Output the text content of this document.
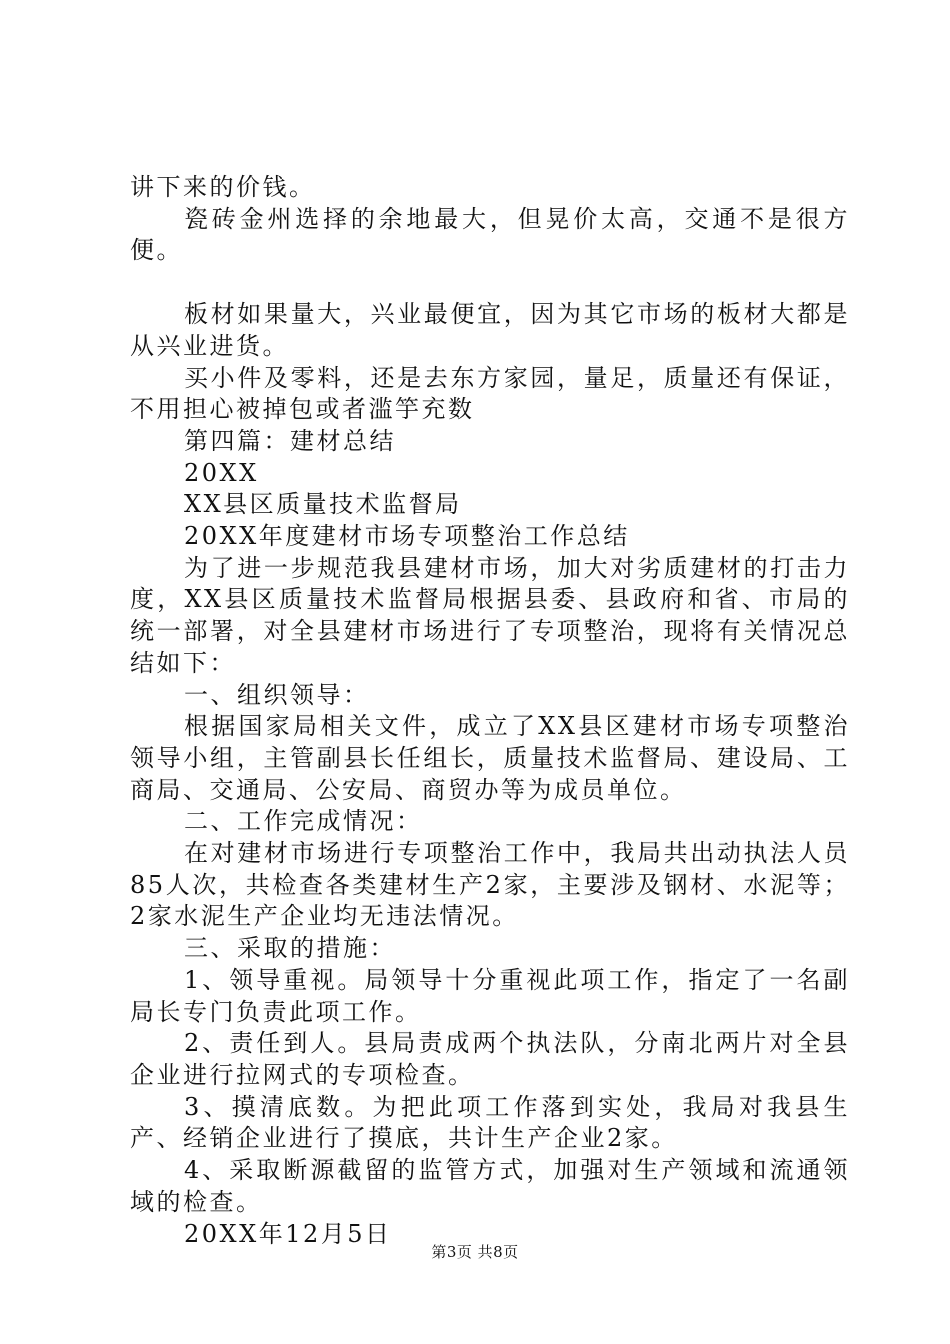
讲下来的价钱。

瓷砖金州选择的余地最大，但晃价太高，交通不是很方便。

板材如果量大，兴业最便宜，因为其它市场的板材大都是从兴业进货。

买小件及零料，还是去东方家园，量足，质量还有保证，不用担心被掉包或者滥竽充数

第四篇：建材总结

20XX

XX县区质量技术监督局

20XX年度建材市场专项整治工作总结

为了进一步规范我县建材市场，加大对劣质建材的打击力度，XX县区质量技术监督局根据县委、县政府和省、市局的统一部署，对全县建材市场进行了专项整治，现将有关情况总结如下：

一、组织领导：

根据国家局相关文件，成立了XX县区建材市场专项整治领导小组，主管副县长任组长，质量技术监督局、建设局、工商局、交通局、公安局、商贸办等为成员单位。

二、工作完成情况：

在对建材市场进行专项整治工作中，我局共出动执法人员85人次，共检查各类建材生产2家，主要涉及钢材、水泥等；2家水泥生产企业均无违法情况。

三、采取的措施：

1、领导重视。局领导十分重视此项工作，指定了一名副局长专门负责此项工作。

2、责任到人。县局责成两个执法队，分南北两片对全县企业进行拉网式的专项检查。

3、摸清底数。为把此项工作落到实处，我局对我县生产、经销企业进行了摸底，共计生产企业2家。

4、采取断源截留的监管方式，加强对生产领域和流通领域的检查。

20XX年12月5日

第3页 共8页
